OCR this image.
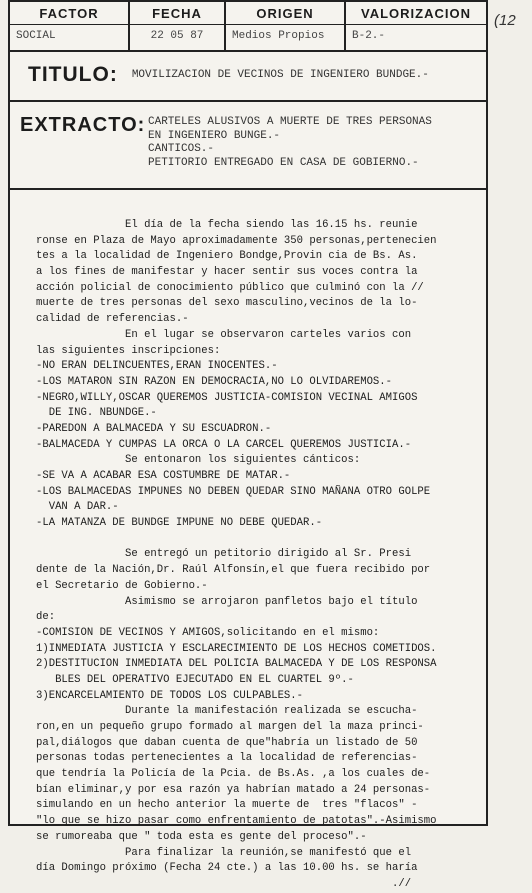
FACTOR
SOCIAL
FECHA
22 05 87
ORIGEN
Medios Propios
VALORIZACION
B-2.-
TITULO: MOVILIZACION DE VECINOS DE INGENIERO BUNDGE.-
EXTRACTO: CARTELES ALUSIVOS A MUERTE DE TRES PERSONAS
EN INGENIERO BUNGE.-
CANTICOS.-
PETITORIO ENTREGADO EN CASA DE GOBIERNO.-
El día de la fecha siendo las 16.15 hs. reunie
ronse en Plaza de Mayo aproximadamente 350 personas,pertenecien
tes a la localidad de Ingeniero Bondge,Provin cia de Bs. As.
a los fines de manifestar y hacer sentir sus voces contra la
acción policial de conocimiento público que culminó con la //
muerte de tres personas del sexo masculino,vecinos de la lo-
calidad de referencias.-
En el lugar se observaron carteles varios con
las siguientes inscripciones:
-NO ERAN DELINCUENTES,ERAN INOCENTES.-
-LOS MATARON SIN RAZON EN DEMOCRACIA,NO LO OLVIDAREMOS.-
-NEGRO,WILLY,OSCAR QUEREMOS JUSTICIA-COMISION VECINAL AMIGOS
DE ING. NBUNDGE.-
-PAREDON A BALMACEDA Y SU ESCUADRON.-
-BALMACEDA Y CUMPAS LA ORCA O LA CARCEL QUEREMOS JUSTICIA.-
Se entonaron los siguientes cánticos:
-SE VA A ACABAR ESA COSTUMBRE DE MATAR.-
-LOS BALMACEDAS IMPUNES NO DEBEN QUEDAR SINO MAÑANA OTRO GOLPE
VAN A DAR.-
-LA MATANZA DE BUNDGE IMPUNE NO DEBE QUEDAR.-
Se entregó un petitorio dirigido al Sr. Presi
dente de la Nación,Dr. Raúl Alfonsín,el que fuera recibido por
el Secretario de Gobierno.-
Asimismo se arrojaron panfletos bajo el título
de:
-COMISION DE VECINOS Y AMIGOS,solicitando en el mismo:
1)INMEDIATA JUSTICIA Y ESCLARECIMIENTO DE LOS HECHOS COMETIDOS.
2)DESTITUCION INMEDIATA DEL POLICIA BALMACEDA Y DE LOS RESPONSA
BLES DEL OPERATIVO EJECUTADO EN EL CUARTEL 9º.-
3)ENCARCELAMIENTO DE TODOS LOS CULPABLES.-
Durante la manifestación realizada se escucha-
ron,en un pequeño grupo formado al margen del la maza princi-
pal,diálogos que daban cuenta de que"habría un listado de 50
personas todas pertenecientes a la localidad de referencias-
que tendría la Policía de la Pcia. de Bs.As. ,a los cuales de-
bían eliminar,y por esa razón ya habrían matado a 24 personas-
simulando en un hecho anterior la muerte de  tres "flacos" -
"lo que se hizo pasar como enfrentamiento de patotas".-Asimismo
se rumoreaba que " toda esta es gente del proceso".-
Para finalizar la reunión,se manifestó que el
día Domingo próximo (Fecha 24 cte.) a las 10.00 hs. se haría
.//
(12
